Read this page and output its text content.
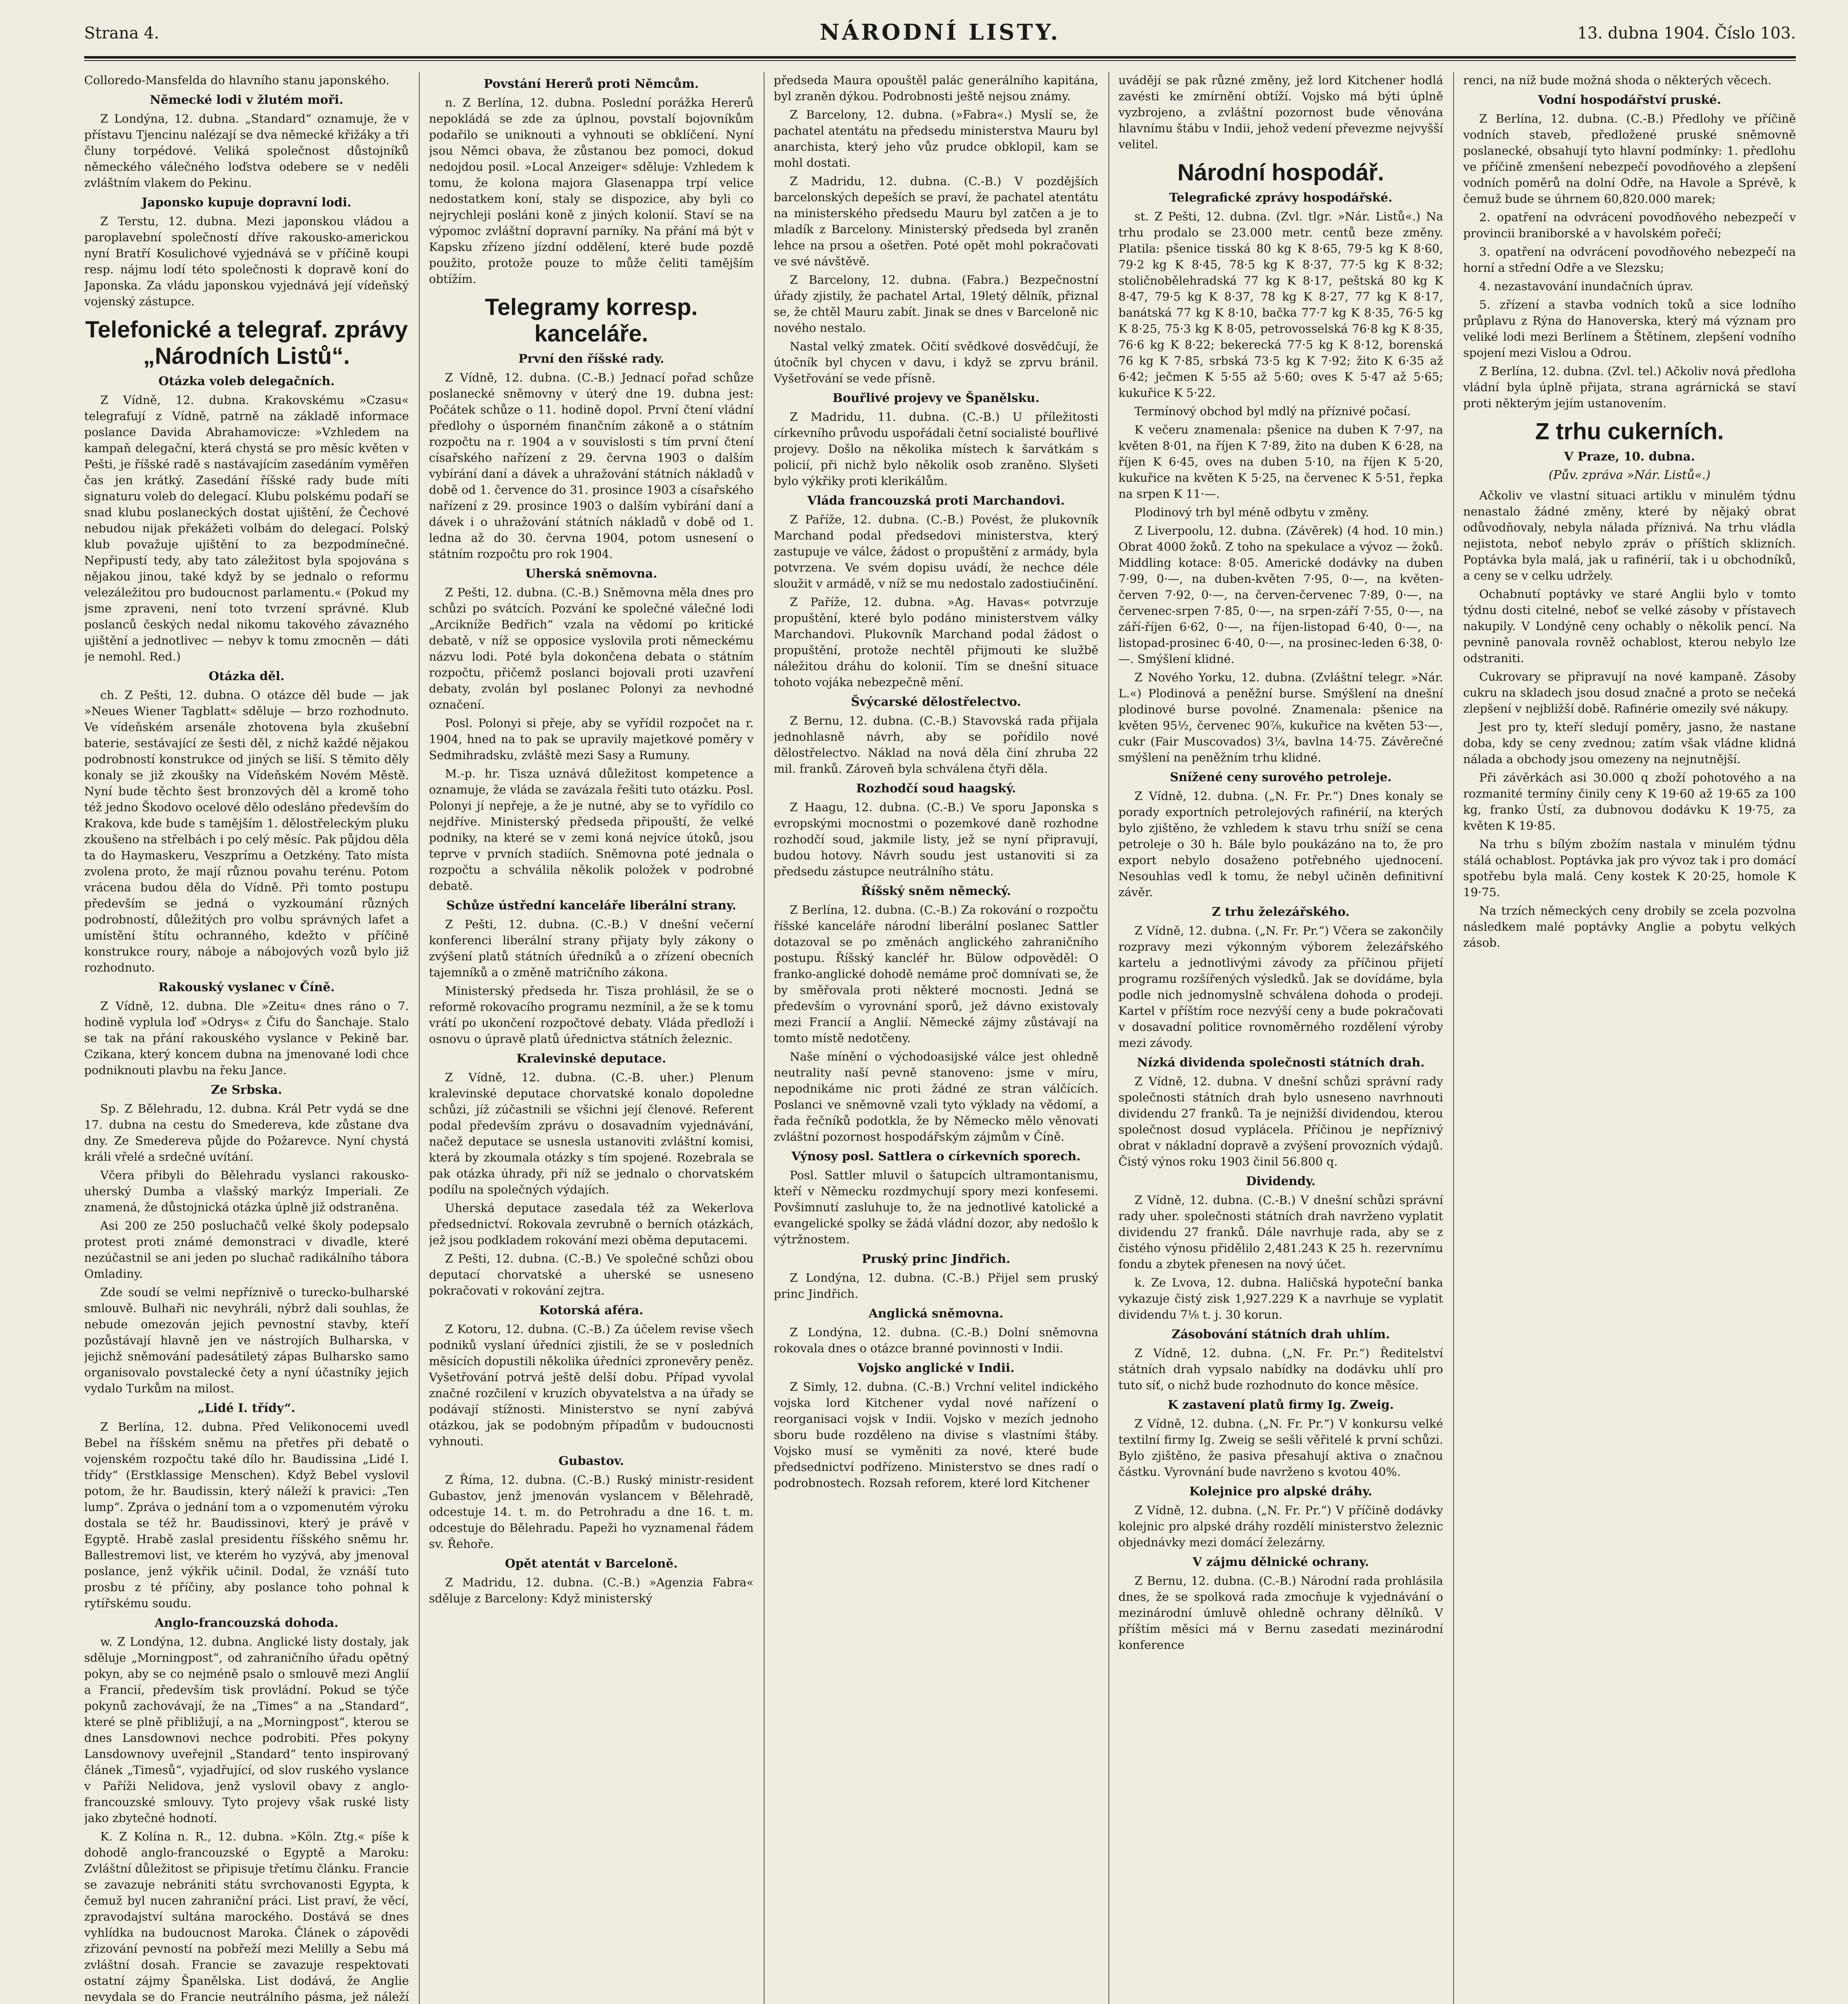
Strana 4.	NÁRODNÍ LISTY.	13. dubna 1904. Číslo 103.

Colloredo-Mansfelda do hlavního stanu japonského.

Německé lodi v žlutém moři.

Z Londýna, 12. dubna. „Standard“ oznamuje, že v přístavu Tjencinu nalézají se dva německé křižáky a tři čluny torpédové. Veliká společnost důstojníků německého válečného loďstva odebere se v neděli zvláštním vlakem do Pekinu.

Japonsko kupuje dopravní lodi.

Z Terstu, 12. dubna. Mezi japonskou vládou a paroplavební společností dříve rakousko-americkou nyní Bratří Kosulichové vyjednává se v příčině koupi resp. nájmu lodí této společnosti k dopravě koní do Japonska. Za vládu japonskou vyjednává její vídeňský vojenský zástupce.

Telefonické a telegraf. zprávy „Národních Listů“.
Otázka voleb delegačních.

Z Vídně, 12. dubna. Krakovskému »Czasu« telegrafují z Vídně, patrně na základě informace poslance Davida Abrahamovicze: »Vzhledem na kampaň delegační, která chystá se pro měsíc květen v Pešti, je říšské radě s nastávajícím zasedáním vyměřen čas jen krátký. Zasedání říšské rady bude míti signaturu voleb do delegací. Klubu polskému podaří se snad klubu poslaneckých dostat ujištění, že Čechové nebudou nijak překážeti volbám do delegací. Polský klub považuje ujištění to za bezpodmínečné. Nepřipustí tedy, aby tato záležitost byla spojována s nějakou jinou, také když by se jednalo o reformu velezáležitou pro budoucnost parlamentu.« (Pokud my jsme zpraveni, není toto tvrzení správné. Klub poslanců českých nedal nikomu takového závazného ujištění a jednotlivec — nebyv k tomu zmocněn — dáti je nemohl. Red.)

Otázka děl.

ch. Z Pešti, 12. dubna. O otázce děl bude — jak »Neues Wiener Tagblatt« sděluje — brzo rozhodnuto. Ve vídeňském arsenále zhotovena byla zkušební baterie, sestávající ze šesti děl, z nichž každé nějakou podrobností konstrukce od jiných se liší. S těmito děly konaly se již zkoušky na Vídeňském Novém Městě. Nyní bude těchto šest bronzových děl a kromě toho též jedno Škodovo ocelové dělo odesláno především do Krakova, kde bude s tamějším 1. dělostřeleckým pluku zkoušeno na střelbách i po celý měsíc. Pak půjdou děla ta do Haymaskeru, Veszprímu a Oetzkény. Tato místa zvolena proto, že mají různou povahu terénu. Potom vrácena budou děla do Vídně. Při tomto postupu především se jedná o vyzkoumání různých podrobností, důležitých pro volbu správných lafet a umístění štítu ochranného, kdežto v příčině konstrukce roury, náboje a nábojových vozů bylo již rozhodnuto.

Rakouský vyslanec v Číně.

Z Vídně, 12. dubna. Dle »Zeitu« dnes ráno o 7. hodině vyplula loď »Odrys« z Čifu do Šanchaje. Stalo se tak na přání rakouského vyslance v Pekině bar. Czikana, který koncem dubna na jmenované lodi chce podniknouti plavbu na řeku Jance.

Ze Srbska.

Sp. Z Bělehradu, 12. dubna. Král Petr vydá se dne 17. dubna na cestu do Smedereva, kde zůstane dva dny. Ze Smedereva půjde do Požarevce. Nyní chystá králi vřelé a srdečné uvítání.

Včera přibyli do Bělehradu vyslanci rakousko-uherský Dumba a vlašský markýz Imperiali. Ze znamená, že důstojnická otázka úplně již odstraněna.

Asi 200 ze 250 posluchačů velké školy podepsalo protest proti známé demonstraci v divadle, které nezúčastnil se ani jeden po sluchač radikálního tábora Omladiny.

Zde soudí se velmi nepříznivě o turecko-bulharské smlouvě. Bulhaři nic nevyhráli, nýbrž dali souhlas, že nebude omezován jejich pevnostní stavby, kteří pozůstávají hlavně jen ve nástrojích Bulharska, v jejichž sněmování padesátiletý zápas Bulharsko samo organisovalo povstalecké čety a nyní účastníky jejich vydalo Turkům na milost.

„Lidé I. třídy“.

Z Berlína, 12. dubna. Před Velikonocemi uvedl Bebel na říšském sněmu na přetřes při debatě o vojenském rozpočtu také dílo hr. Baudissina „Lidé I. třídy“ (Erstklassige Menschen). Když Bebel vyslovil potom, že hr. Baudissin, který náleží k pravici: „Ten lump“. Zpráva o jednání tom a o vzpomenutém výroku dostala se též hr. Baudissinovi, který je právě v Egyptě. Hrabě zaslal presidentu říšského sněmu hr. Ballestremovi list, ve kterém ho vyzývá, aby jmenoval poslance, jenž výkřik učinil. Dodal, že vznáší tuto prosbu z té příčiny, aby poslance toho pohnal k rytířskému soudu.

Anglo-francouzská dohoda.

w. Z Londýna, 12. dubna. Anglické listy dostaly, jak sděluje „Morningpost“, od zahraničního úřadu opětný pokyn, aby se co nejméně psalo o smlouvě mezi Anglií a Francií, především tisk provládní. Pokud se týče pokynů zachovávají, že na „Times“ a na „Standard“, které se plně přibližují, a na „Morningpost“, kterou se dnes Lansdownovi nechce podrobiti. Přes pokyny Lansdownovy uveřejnil „Standard“ tento inspirovaný článek „Timesů“, vyjadřující, od slov ruského vyslance v Paříži Nelidova, jenž vyslovil obavy z anglo-francouzské smlouvy. Tyto projevy však ruské listy jako zbytečné hodnotí.

K. Z Kolína n. R., 12. dubna. »Köln. Ztg.« píše k dohodě anglo-francouzské o Egyptě a Maroku: Zvláštní důležitost se připisuje třetímu článku. Francie se zavazuje nebrániti státu svrchovanosti Egypta, k čemuž byl nucen zahraniční práci. List praví, že věcí, zpravodajství sultána marockého. Dostává se dnes vyhlídka na budoucnost Maroka. Článek o zápovědi zřizování pevností na pobřeží mezi Melilly a Sebu má zvláštní dosah. Francie se zavazuje respektovati ostatní zájmy Španělska. List dodává, že Anglie nevydala se do Francie neutrálního pásma, jež náleží

Povstání Hererů proti Němcům.

n. Z Berlína, 12. dubna. Poslední porážka Hererů nepokládá se zde za úplnou, povstalí bojovníkům podařilo se uniknouti a vyhnouti se obklíčení. Nyní jsou Němci obava, že zůstanou bez pomoci, dokud nedojdou posil. »Local Anzeiger« sděluje: Vzhledem k tomu, že kolona majora Glasenappa trpí velice nedostatkem koní, staly se dispozice, aby byli co nejrychleji posláni koně z jiných kolonií. Staví se na výpomoc zvláštní dopravní parníky. Na přání má být v Kapsku zřízeno jízdní oddělení, které bude pozdě použito, protože pouze to může čeliti tamějším obtížím.

Telegramy korresp. kanceláře.
První den říšské rady.

Z Vídně, 12. dubna. (C.-B.) Jednací pořad schůze poslanecké sněmovny v úterý dne 19. dubna jest: Počátek schůze o 11. hodině dopol. První čtení vládní předlohy o úsporném finančním zákoně a o státním rozpočtu na r. 1904 a v souvislosti s tím první čtení císařského nařízení z 29. června 1903 o dalším vybírání daní a dávek a uhražování státních nákladů v době od 1. července do 31. prosince 1903 a císařského nařízení z 29. prosince 1903 o dalším vybírání daní a dávek i o uhražování státních nákladů v době od 1. ledna až do 30. června 1904, potom usnesení o státním rozpočtu pro rok 1904.

Uherská sněmovna.

Z Pešti, 12. dubna. (C.-B.) Sněmovna měla dnes pro schůzi po svátcích. Pozvání ke společné válečné lodi „Arcikníže Bedřich“ vzala na vědomí po kritické debatě, v níž se opposice vyslovila proti německému názvu lodi. Poté byla dokončena debata o státním rozpočtu, přičemž poslanci bojovali proti uzavření debaty, zvolán byl poslanec Polonyi za nevhodné označení.

Posl. Polonyi si přeje, aby se vyřídil rozpočet na r. 1904, hned na to pak se upravily majetkové poměry v Sedmihradsku, zvláště mezi Sasy a Rumuny.

M.-p. hr. Tisza uznává důležitost kompetence a oznamuje, že vláda se zavázala řešiti tuto otázku. Posl. Polonyi jí nepřeje, a že je nutné, aby se to vyřídilo co nejdříve. Ministerský předseda připouští, že velké podniky, na které se v zemi koná nejvíce útoků, jsou teprve v prvních stadiích. Sněmovna poté jednala o rozpočtu a schválila několik položek v podrobné debatě.

Schůze ústřední kanceláře liberální strany.

Z Pešti, 12. dubna. (C.-B.) V dnešní večerní konferenci liberální strany přijaty byly zákony o zvýšení platů státních úředníků a o zřízení obecních tajemníků a o změně matričního zákona.

Ministerský předseda hr. Tisza prohlásil, že se o reformě rokovacího programu nezmínil, a že se k tomu vrátí po ukončení rozpočtové debaty. Vláda předloží i osnovu o úpravě platů úřednictva státních železnic.

Kralevinské deputace.

Z Vídně, 12. dubna. (C.-B. uher.) Plenum kralevinské deputace chorvatské konalo dopoledne schůzi, jíž zúčastnili se všichni její členové. Referent podal především zprávu o dosavadním vyjednávání, načež deputace se usnesla ustanoviti zvláštní komisi, která by zkoumala otázky s tím spojené. Rozebrala se pak otázka úhrady, při níž se jednalo o chorvatském podílu na společných výdajích.

Uherská deputace zasedala též za Wekerlova předsednictví. Rokovala zevrubně o berních otázkách, jež jsou podkladem rokování mezi oběma deputacemi.

Z Pešti, 12. dubna. (C.-B.) Ve společné schůzi obou deputací chorvatské a uherské se usneseno pokračovati v rokování zejtra.

Kotorská aféra.

Z Kotoru, 12. dubna. (C.-B.) Za účelem revise všech podniků vyslaní úředníci zjistili, že se v posledních měsících dopustili několika úředníci zpronevěry peněz. Vyšetřování potrvá ještě delší dobu. Případ vyvolal značné rozčilení v kruzích obyvatelstva a na úřady se podávají stížnosti. Ministerstvo se nyní zabývá otázkou, jak se podobným případům v budoucnosti vyhnouti.

Gubastov.

Z Říma, 12. dubna. (C.-B.) Ruský ministr-resident Gubastov, jenž jmenován vyslancem v Bělehradě, odcestuje 14. t. m. do Petrohradu a dne 16. t. m. odcestuje do Bělehradu. Papeži ho vyznamenal řádem sv. Řehoře.

Opět atentát v Barceloně.

Z Madridu, 12. dubna. (C.-B.) »Agenzia Fabra« sděluje z Barcelony: Když ministerský

předseda Maura opouštěl palác generálního kapitána, byl zraněn dýkou. Podrobnosti ještě nejsou známy.

Z Barcelony, 12. dubna. (»Fabra«.) Myslí se, že pachatel atentátu na předsedu ministerstva Mauru byl anarchista, který jeho vůz prudce obklopil, kam se mohl dostati.

Z Madridu, 12. dubna. (C.-B.) V pozdějších barcelonských depeších se praví, že pachatel atentátu na ministerského předsedu Mauru byl zatčen a je to mladík z Barcelony. Ministerský předseda byl zraněn lehce na prsou a ošetřen. Poté opět mohl pokračovati ve své návštěvě.

Z Barcelony, 12. dubna. (Fabra.) Bezpečnostní úřady zjistily, že pachatel Artal, 19letý dělník, přiznal se, že chtěl Mauru zabít. Jinak se dnes v Barceloně nic nového nestalo.

Nastal velký zmatek. Očití svědkové dosvědčují, že útočník byl chycen v davu, i když se zprvu bránil. Vyšetřování se vede přísně.

Bouřlivé projevy ve Španělsku.

Z Madridu, 11. dubna. (C.-B.) U příležitosti církevního průvodu uspořádali četní socialisté bouřlivé projevy. Došlo na několika místech k šarvátkám s policií, při nichž bylo několik osob zraněno. Slyšeti bylo výkřiky proti klerikálům.

Vláda francouzská proti Marchandovi.

Z Paříže, 12. dubna. (C.-B.) Povést, že plukovník Marchand podal předsedovi ministerstva, který zastupuje ve válce, žádost o propuštění z armády, byla potvrzena. Ve svém dopisu uvádí, že nechce déle sloužit v armádě, v níž se mu nedostalo zadostiučinění.

Z Paříže, 12. dubna. »Ag. Havas« potvrzuje propuštění, které bylo podáno ministerstvem války Marchandovi. Plukovník Marchand podal žádost o propuštění, protože nechtěl přijmouti ke službě náležitou dráhu do kolonií. Tím se dnešní situace tohoto vojáka nebezpečně mění.

Švýcarské dělostřelectvo.

Z Bernu, 12. dubna. (C.-B.) Stavovská rada přijala jednohlasně návrh, aby se pořídilo nové dělostřelectvo. Náklad na nová děla činí zhruba 22 mil. franků. Zároveň byla schválena čtyři děla.

Rozhodčí soud haagský.

Z Haagu, 12. dubna. (C.-B.) Ve sporu Japonska s evropskými mocnostmi o pozemkové daně rozhodne rozhodčí soud, jakmile listy, jež se nyní připravují, budou hotovy. Návrh soudu jest ustanoviti si za předsedu zástupce neutrálního státu.

Říšský sněm německý.

Z Berlína, 12. dubna. (C.-B.) Za rokování o rozpočtu říšské kanceláře národní liberální poslanec Sattler dotazoval se po změnách anglického zahraničního postupu. Říšský kancléř hr. Bülow odpověděl: O franko-anglické dohodě nemáme proč domnívati se, že by směřovala proti některé mocnosti. Jedná se především o vyrovnání sporů, jež dávno existovaly mezi Francií a Anglií. Německé zájmy zůstávají na tomto místě nedotčeny.

Naše mínění o východoasijské válce jest ohledně neutrality naší pevně stanoveno: jsme v míru, nepodnikáme nic proti žádné ze stran válčících. Poslanci ve sněmovně vzali tyto výklady na vědomí, a řada řečníků podotkla, že by Německo mělo věnovati zvláštní pozornost hospodářským zájmům v Číně.

Výnosy posl. Sattlera o církevních sporech.

Posl. Sattler mluvil o šatupcích ultramontanismu, kteří v Německu rozdmychují spory mezi konfesemi. Povšimnutí zasluhuje to, že na jednotlivé katolické a evangelické spolky se žádá vládní dozor, aby nedošlo k výtržnostem.

Pruský princ Jindřich.

Z Londýna, 12. dubna. (C.-B.) Přijel sem pruský princ Jindřich.

Anglická sněmovna.

Z Londýna, 12. dubna. (C.-B.) Dolní sněmovna rokovala dnes o otázce branné povinnosti v Indii.

Vojsko anglické v Indii.

Z Simly, 12. dubna. (C.-B.) Vrchní velitel indického vojska lord Kitchener vydal nové nařízení o reorganisaci vojsk v Indii. Vojsko v mezích jednoho sboru bude rozděleno na divise s vlastními štáby. Vojsko musí se vyměniti za nové, které bude předsednictví podřízeno. Ministerstvo se dnes radí o podrobnostech. Rozsah reforem, které lord Kitchener

uvádějí se pak různé změny, jež lord Kitchener hodlá zavésti ke zmírnění obtíží. Vojsko má býti úplně vyzbrojeno, a zvláštní pozornost bude věnována hlavnímu štábu v Indii, jehož vedení převezme nejvyšší velitel.

Národní hospodář.
Telegrafické zprávy hospodářské.

st. Z Pešti, 12. dubna. (Zvl. tlgr. »Nár. Listů«.) Na trhu prodalo se 23.000 metr. centů beze změny. Platila: pšenice tisská 80 kg K 8·65, 79·5 kg K 8·60, 79·2 kg K 8·45, 78·5 kg K 8·37, 77·5 kg K 8·32; stoličnobělehradská 77 kg K 8·17, peštská 80 kg K 8·47, 79·5 kg K 8·37, 78 kg K 8·27, 77 kg K 8·17, banátská 77 kg K 8·10, bačka 77·7 kg K 8·35, 76·5 kg K 8·25, 75·3 kg K 8·05, petrovosselská 76·8 kg K 8·35, 76·6 kg K 8·22; bekerecká 77·5 kg K 8·12, borenská 76 kg K 7·85, srbská 73·5 kg K 7·92; žito K 6·35 až 6·42; ječmen K 5·55 až 5·60; oves K 5·47 až 5·65; kukuřice K 5·22.

Termínový obchod byl mdlý na příznivé počasí.

K večeru znamenala: pšenice na duben K 7·97, na květen 8·01, na říjen K 7·89, žito na duben K 6·28, na říjen K 6·45, oves na duben 5·10, na říjen K 5·20, kukuřice na květen K 5·25, na červenec K 5·51, řepka na srpen K 11·—.

Plodinový trh byl méně odbytu v změny.

Z Liverpoolu, 12. dubna. (Závěrek) (4 hod. 10 min.) Obrat 4000 žoků. Z toho na spekulace a vývoz — žoků. Middling kotace: 8·05. Americké dodávky na duben 7·99, 0·—, na duben-květen 7·95, 0·—, na květen-červen 7·92, 0·—, na červen-červenec 7·89, 0·—, na červenec-srpen 7·85, 0·—, na srpen-září 7·55, 0·—, na září-říjen 6·62, 0·—, na říjen-listopad 6·40, 0·—, na listopad-prosinec 6·40, 0·—, na prosinec-leden 6·38, 0·—. Smýšlení klidné.

Z Nového Yorku, 12. dubna. (Zvláštní telegr. »Nár. L.«) Plodinová a peněžní burse. Smýšlení na dnešní plodinové burse povolné. Znamenala: pšenice na květen 95½, červenec 90⅞, kukuřice na květen 53·—, cukr (Fair Muscovados) 3¼, bavlna 14·75. Závěrečné smýšlení na peněžním trhu klidné.

Snížené ceny surového petroleje.

Z Vídně, 12. dubna. („N. Fr. Pr.“) Dnes konaly se porady exportních petrolejových rafinérií, na kterých bylo zjištěno, že vzhledem k stavu trhu sníží se cena petroleje o 30 h. Bále bylo poukázáno na to, že pro export nebylo dosaženo potřebného ujednocení. Nesouhlas vedl k tomu, že nebyl učiněn definitivní závěr.

Z trhu železářského.

Z Vídně, 12. dubna. („N. Fr. Pr.“) Včera se zakončily rozpravy mezi výkonným výborem železářského kartelu a jednotlivými závody za příčinou přijetí programu rozšířených výsledků. Jak se dovídáme, byla podle nich jednomyslně schválena dohoda o prodeji. Kartel v příštím roce nezvýší ceny a bude pokračovati v dosavadní politice rovnoměrného rozdělení výroby mezi závody.

Nízká dividenda společnosti státních drah.

Z Vídně, 12. dubna. V dnešní schůzi správní rady společnosti státních drah bylo usneseno navrhnouti dividendu 27 franků. Ta je nejnižší dividendou, kterou společnost dosud vyplácela. Příčinou je nepříznivý obrat v nákladní dopravě a zvýšení provozních výdajů. Čistý výnos roku 1903 činil 56.800 q.

Dividendy.

Z Vídně, 12. dubna. (C.-B.) V dnešní schůzi správní rady uher. společnosti státních drah navrženo vyplatit dividendu 27 franků. Dále navrhuje rada, aby se z čistého výnosu přidělilo 2,481.243 K 25 h. rezervnímu fondu a zbytek přenesen na nový účet.

k. Ze Lvova, 12. dubna. Haličská hypoteční banka vykazuje čistý zisk 1,927.229 K a navrhuje se vyplatit dividendu 7⅛ t. j. 30 korun.

Zásobování státních drah uhlím.

Z Vídně, 12. dubna. („N. Fr. Pr.“) Ředitelství státních drah vypsalo nabídky na dodávku uhlí pro tuto síť, o nichž bude rozhodnuto do konce měsíce.

K zastavení platů firmy Ig. Zweig.

Z Vídně, 12. dubna. („N. Fr. Pr.“) V konkursu velké textilní firmy Ig. Zweig se sešli věřitelé k první schůzi. Bylo zjištěno, že pasiva přesahují aktiva o značnou částku. Vyrovnání bude navrženo s kvotou 40%.

Kolejnice pro alpské dráhy.

Z Vídně, 12. dubna. („N. Fr. Pr.“) V příčině dodávky kolejnic pro alpské dráhy rozdělí ministerstvo železnic objednávky mezi domácí železárny.

V zájmu dělnické ochrany.

Z Bernu, 12. dubna. (C.-B.) Národní rada prohlásila dnes, že se spolková rada zmocňuje k vyjednávání o mezinárodní úmluvě ohledně ochrany dělníků. V příštím měsíci má v Bernu zasedati mezinárodní konference

renci, na níž bude možná shoda o některých věcech.

Vodní hospodářství pruské.

Z Berlína, 12. dubna. (C.-B.) Předlohy ve příčině vodních staveb, předložené pruské sněmovně poslanecké, obsahují tyto hlavní podmínky: 1. předlohu ve příčině zmenšení nebezpečí povodňového a zlepšení vodních poměrů na dolní Odře, na Havole a Sprévě, k čemuž bude se úhrnem 60,820.000 marek;

2. opatření na odvrácení povodňového nebezpečí v provincii braniborské a v havolském pořečí;

3. opatření na odvrácení povodňového nebezpečí na horní a střední Odře a ve Slezsku;

4. nezastavování inundačních úprav.

5. zřízení a stavba vodních toků a sice lodního průplavu z Rýna do Hanoverska, který má význam pro veliké lodi mezi Berlínem a Štětínem, zlepšení vodního spojení mezi Vislou a Odrou.

Z Berlína, 12. dubna. (Zvl. tel.) Ačkoliv nová předloha vládní byla úplně přijata, strana agrárnická se staví proti některým jejím ustanovením.

Z trhu cukerních.
V Praze, 10. dubna.
(Pův. zpráva »Nár. Listů«.)

Ačkoliv ve vlastní situaci artiklu v minulém týdnu nenastalo žádné změny, které by nějaký obrat odůvodňovaly, nebyla nálada příznivá. Na trhu vládla nejistota, neboť nebylo zpráv o příštích sklizních. Poptávka byla malá, jak u rafinérií, tak i u obchodníků, a ceny se v celku udržely.

Ochabnutí poptávky ve staré Anglii bylo v tomto týdnu dosti citelné, neboť se velké zásoby v přístavech nakupily. V Londýně ceny ochably o několik pencí. Na pevnině panovala rovněž ochablost, kterou nebylo lze odstraniti.

Cukrovary se připravují na nové kampaně. Zásoby cukru na skladech jsou dosud značné a proto se nečeká zlepšení v nejbližší době. Rafinérie omezily své nákupy.

Jest pro ty, kteří sledují poměry, jasno, že nastane doba, kdy se ceny zvednou; zatím však vládne klidná nálada a obchody jsou omezeny na nejnutnější.

Při závěrkách asi 30.000 q zboží pohotového a na rozmanité termíny činily ceny K 19·60 až 19·65 za 100 kg, franko Ústí, za dubnovou dodávku K 19·75, za květen K 19·85.

Na trhu s bílým zbožím nastala v minulém týdnu stálá ochablost. Poptávka jak pro vývoz tak i pro domácí spotřebu byla malá. Ceny kostek K 20·25, homole K 19·75.

Na trzích německých ceny drobily se zcela pozvolna následkem malé poptávky Anglie a pobytu velkých zásob.
